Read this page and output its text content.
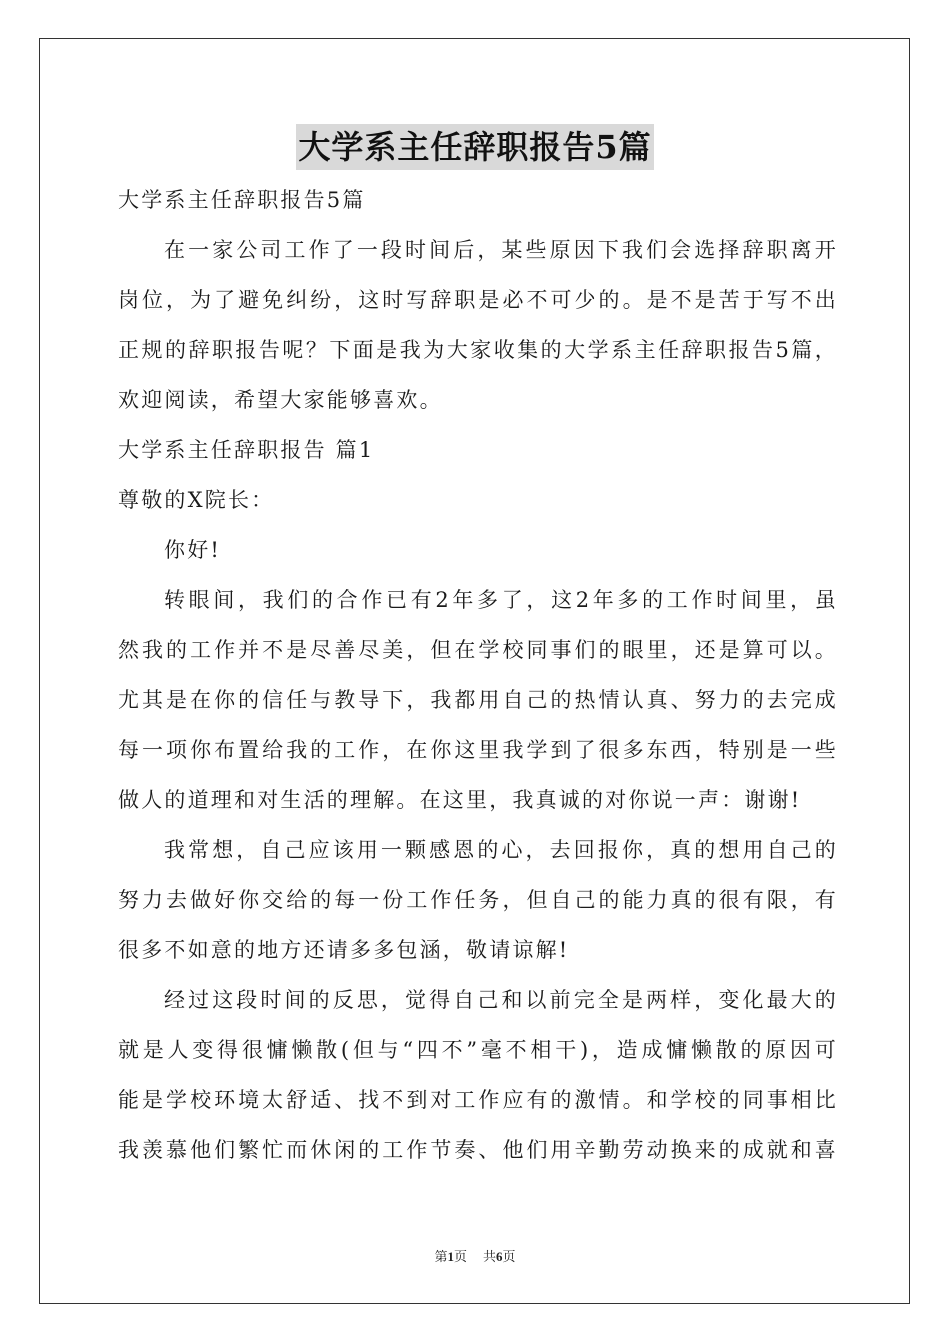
大学系主任辞职报告5篇
大学系主任辞职报告5篇
在一家公司工作了一段时间后，某些原因下我们会选择辞职离开
岗位，为了避免纠纷，这时写辞职是必不可少的。是不是苦于写不出
正规的辞职报告呢？下面是我为大家收集的大学系主任辞职报告5篇，
欢迎阅读，希望大家能够喜欢。
大学系主任辞职报告 篇1
尊敬的X院长：
你好!
转眼间，我们的合作已有2年多了，这2年多的工作时间里，虽
然我的工作并不是尽善尽美，但在学校同事们的眼里，还是算可以。
尤其是在你的信任与教导下，我都用自己的热情认真、努力的去完成
每一项你布置给我的工作，在你这里我学到了很多东西，特别是一些
做人的道理和对生活的理解。在这里，我真诚的对你说一声：谢谢!
我常想，自己应该用一颗感恩的心，去回报你，真的想用自己的
努力去做好你交给的每一份工作任务，但自己的能力真的很有限，有
很多不如意的地方还请多多包涵，敬请谅解!
经过这段时间的反思，觉得自己和以前完全是两样，变化最大的
就是人变得很慵懒散(但与“四不”毫不相干)，造成慵懒散的原因可
能是学校环境太舒适、找不到对工作应有的激情。和学校的同事相比
我羡慕他们繁忙而休闲的工作节奏、他们用辛勤劳动换来的成就和喜
第1页 共6页
